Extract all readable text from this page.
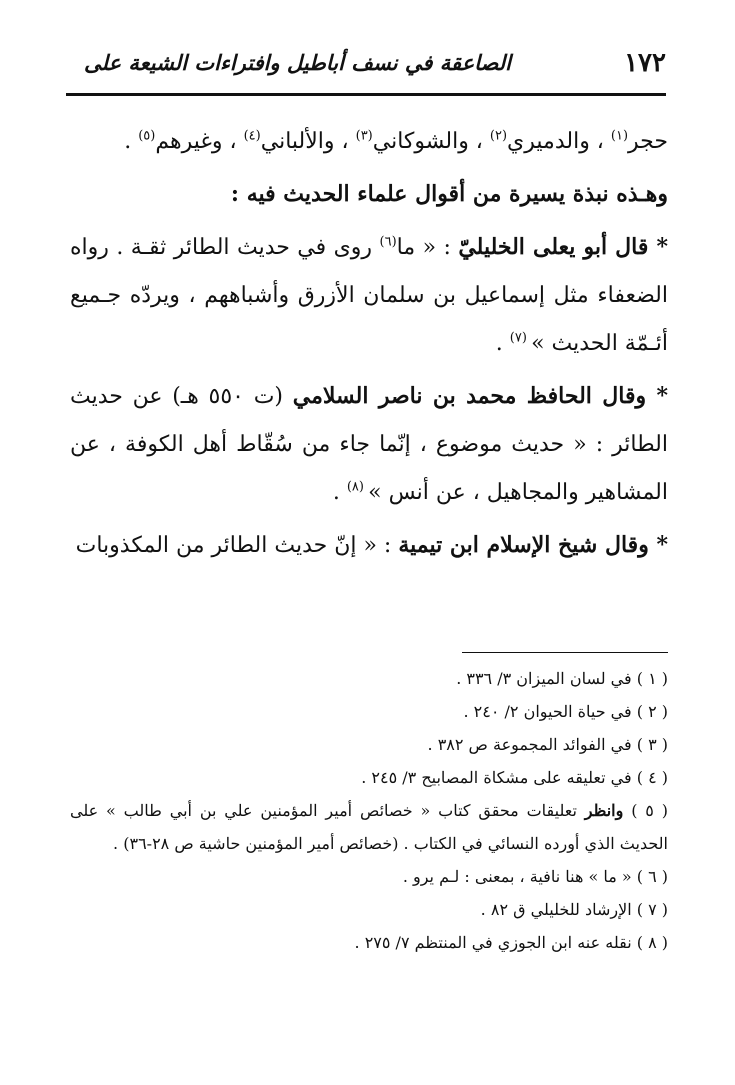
١٧٢
الصاعقة في نسف أباطيل وافتراءات الشيعة على

حجر$^{(١)}$ ، والدميري$^{(٢)}$ ، والشوكاني$^{(٣)}$ ، والألباني$^{(٤)}$ ، وغيرهم$^{(٥)}$ .

وهـذه نبذة يسيرة من أقوال علماء الحديث فيه :

* قال أبو يعلى الخليليّ : « ما$^{(٦)}$ روى في حديث الطائر ثقـة . رواه الضعفاء مثل إسماعيل بن سلمان الأزرق وأشباههم ، ويردّه جـميع أئـمّة الحديث » $^{(٧)}$ .

* وقال الحافظ محمد بن ناصر السلامي (ت ٥٥٠ هـ) عن حديث الطائر : « حديث موضوع ، إنّما جاء من سُقّاط أهل الكوفة ، عن المشاهير والمجاهيل ، عن أنس » $^{(٨)}$ .

* وقال شيخ الإسلام ابن تيمية : « إنّ حديث الطائر من المكذوبات

( ١ ) في لسان الميزان ٣/ ٣٣٦ .

( ٢ ) في حياة الحيوان ٢/ ٢٤٠ .

( ٣ ) في الفوائد المجموعة ص ٣٨٢ .

( ٤ ) في تعليقه على مشكاة المصابيح ٣/ ٢٤٥ .

( ٥ ) وانظر تعليقات محقق كتاب « خصائص أمير المؤمنين علي بن أبي طالب » على الحديث الذي أورده النسائي في الكتاب . (خصائص أمير المؤمنين حاشية ص ٢٨-٣٦) .

( ٦ ) « ما » هنا نافية ، بمعنى : لـم يرو .

( ٧ ) الإرشاد للخليلي ق ٨٢ .

( ٨ ) نقله عنه ابن الجوزي في المنتظم ٧/ ٢٧٥ .
